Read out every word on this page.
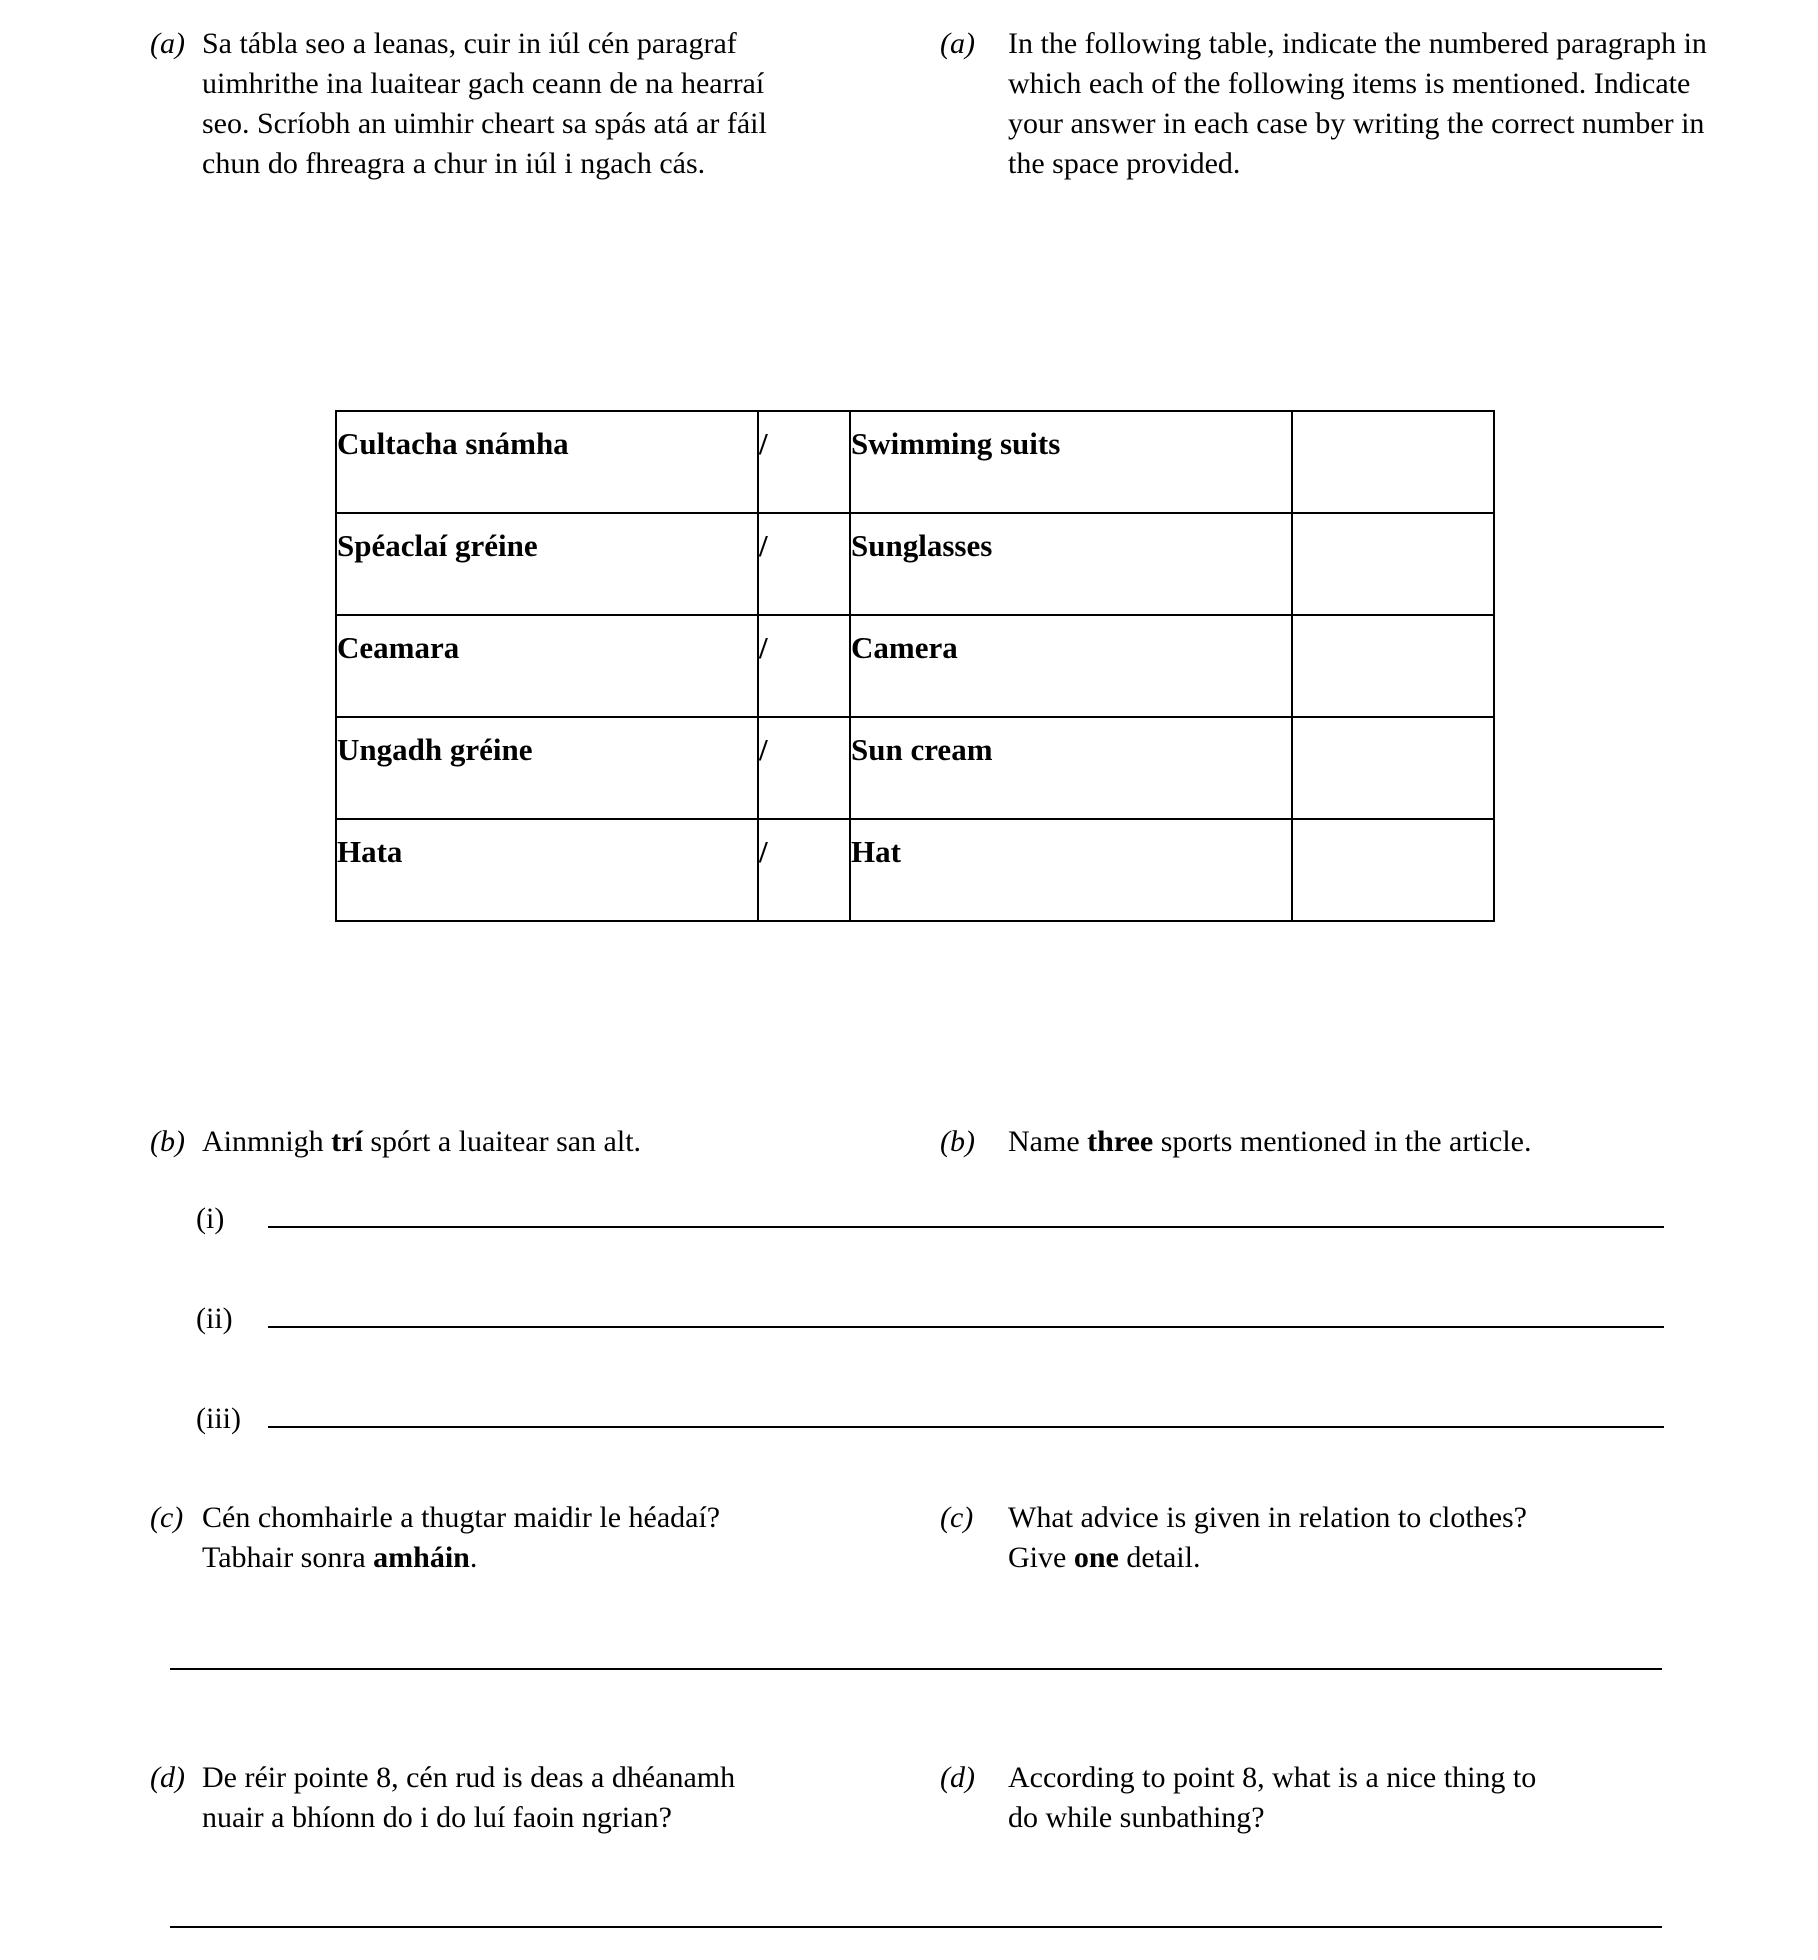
(a) Sa tábla seo a leanas, cuir in iúl cén paragraf uimhrithe ina luaitear gach ceann de na hearraí seo. Scríobh an uimhir cheart sa spás atá ar fáil chun do fhreagra a chur in iúl i ngach cás.
(a)	In the following table, indicate the numbered paragraph in which each of the following items is mentioned. Indicate your answer in each case by writing the correct number in the space provided.
Cultacha snámha	/	Swimming suits	
Spéaclaí gréine	/	Sunglasses	
Ceamara	/	Camera	
Ungadh gréine	/	Sun cream	
Hata	/	Hat	
(b) Ainmnigh trí spórt a luaitear san alt.	(b)	Name three sports mentioned in the article.
(i)
(ii)
(iii)
(c) Cén chomhairle a thugtar maidir le héadaí?
Tabhair sonra amháin.
(c)	What advice is given in relation to clothes?
Give one detail.
(d) De réir pointe 8, cén rud is deas a dhéanamh
nuair a bhíonn do i do luí faoin ngrian?
(d)	According to point 8, what is a nice thing to
do while sunbathing?
